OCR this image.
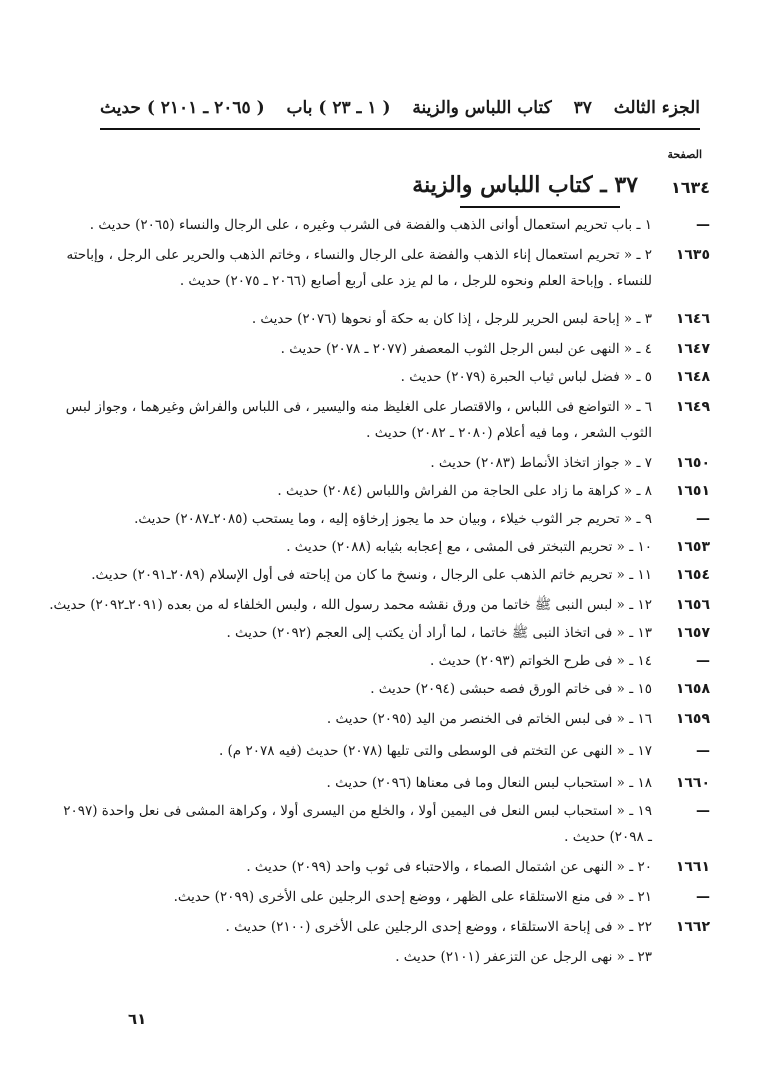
الجزء الثالث
٣٧
كتاب اللباس والزينة
( ١ ـ ٢٣ ) باب
( ٢٠٦٥ ـ ٢١٠١ ) حديث
الصفحة
١٦٣٤
٣٧ ـ كتاب اللباس والزينة
—
١ ـ باب تحريم استعمال أوانى الذهب والفضة فى الشرب وغيره ، على الرجال والنساء (٢٠٦٥) حديث .
١٦٣٥
٢ ـ « تحريم استعمال إناء الذهب والفضة على الرجال والنساء ، وخاتم الذهب والحرير على الرجل ، وإباحته للنساء . وإباحة العلم ونحوه للرجل ، ما لم يزد على أربع أصابع (٢٠٦٦ ـ ٢٠٧٥) حديث .
١٦٤٦
٣ ـ « إباحة لبس الحرير للرجل ، إذا كان به حكة أو نحوها (٢٠٧٦) حديث .
١٦٤٧
٤ ـ « النهى عن لبس الرجل الثوب المعصفر (٢٠٧٧ ـ ٢٠٧٨) حديث .
١٦٤٨
٥ ـ « فضل لباس ثياب الحبرة (٢٠٧٩) حديث .
١٦٤٩
٦ ـ « التواضع فى اللباس ، والاقتصار على الغليظ منه واليسير ، فى اللباس والفراش وغيرهما ، وجواز لبس الثوب الشعر ، وما فيه أعلام (٢٠٨٠ ـ ٢٠٨٢) حديث .
١٦٥٠
٧ ـ « جواز اتخاذ الأنماط (٢٠٨٣) حديث .
١٦٥١
٨ ـ « كراهة ما زاد على الحاجة من الفراش واللباس (٢٠٨٤) حديث .
—
٩ ـ « تحريم جر الثوب خيلاء ، وبيان حد ما يجوز إرخاؤه إليه ، وما يستحب (٢٠٨٥ـ٢٠٨٧) حديث.
١٦٥٣
١٠ ـ « تحريم التبختر فى المشى ، مع إعجابه بثيابه (٢٠٨٨) حديث .
١٦٥٤
١١ ـ « تحريم خاتم الذهب على الرجال ، ونسخ ما كان من إباحته فى أول الإسلام (٢٠٨٩ـ٢٠٩١) حديث.
١٦٥٦
١٢ ـ « لبس النبى ﷺ خاتما من ورق نقشه محمد رسول الله ، ولبس الخلفاء له من بعده (٢٠٩١ـ٢٠٩٢) حديث.
١٦٥٧
١٣ ـ « فى اتخاذ النبى ﷺ خاتما ، لما أراد أن يكتب إلى العجم (٢٠٩٢) حديث .
—
١٤ ـ « فى طرح الخواتم (٢٠٩٣) حديث .
١٦٥٨
١٥ ـ « فى خاتم الورق فصه حبشى (٢٠٩٤) حديث .
١٦٥٩
١٦ ـ « فى لبس الخاتم فى الخنصر من اليد (٢٠٩٥) حديث .
—
١٧ ـ « النهى عن التختم فى الوسطى والتى تليها (٢٠٧٨) حديث (فيه ٢٠٧٨ م) .
١٦٦٠
١٨ ـ « استحباب لبس النعال وما فى معناها (٢٠٩٦) حديث .
—
١٩ ـ « استحباب لبس النعل فى اليمين أولا ، والخلع من اليسرى أولا ، وكراهة المشى فى نعل واحدة (٢٠٩٧ ـ ٢٠٩٨) حديث .
١٦٦١
٢٠ ـ « النهى عن اشتمال الصماء ، والاحتباء فى ثوب واحد (٢٠٩٩) حديث .
—
٢١ ـ « فى منع الاستلقاء على الظهر ، ووضع إحدى الرجلين على الأخرى (٢٠٩٩) حديث.
١٦٦٢
٢٢ ـ « فى إباحة الاستلقاء ، ووضع إحدى الرجلين على الأخرى (٢١٠٠) حديث .
٢٣ ـ « نهى الرجل عن التزعفر (٢١٠١) حديث .
٦١
